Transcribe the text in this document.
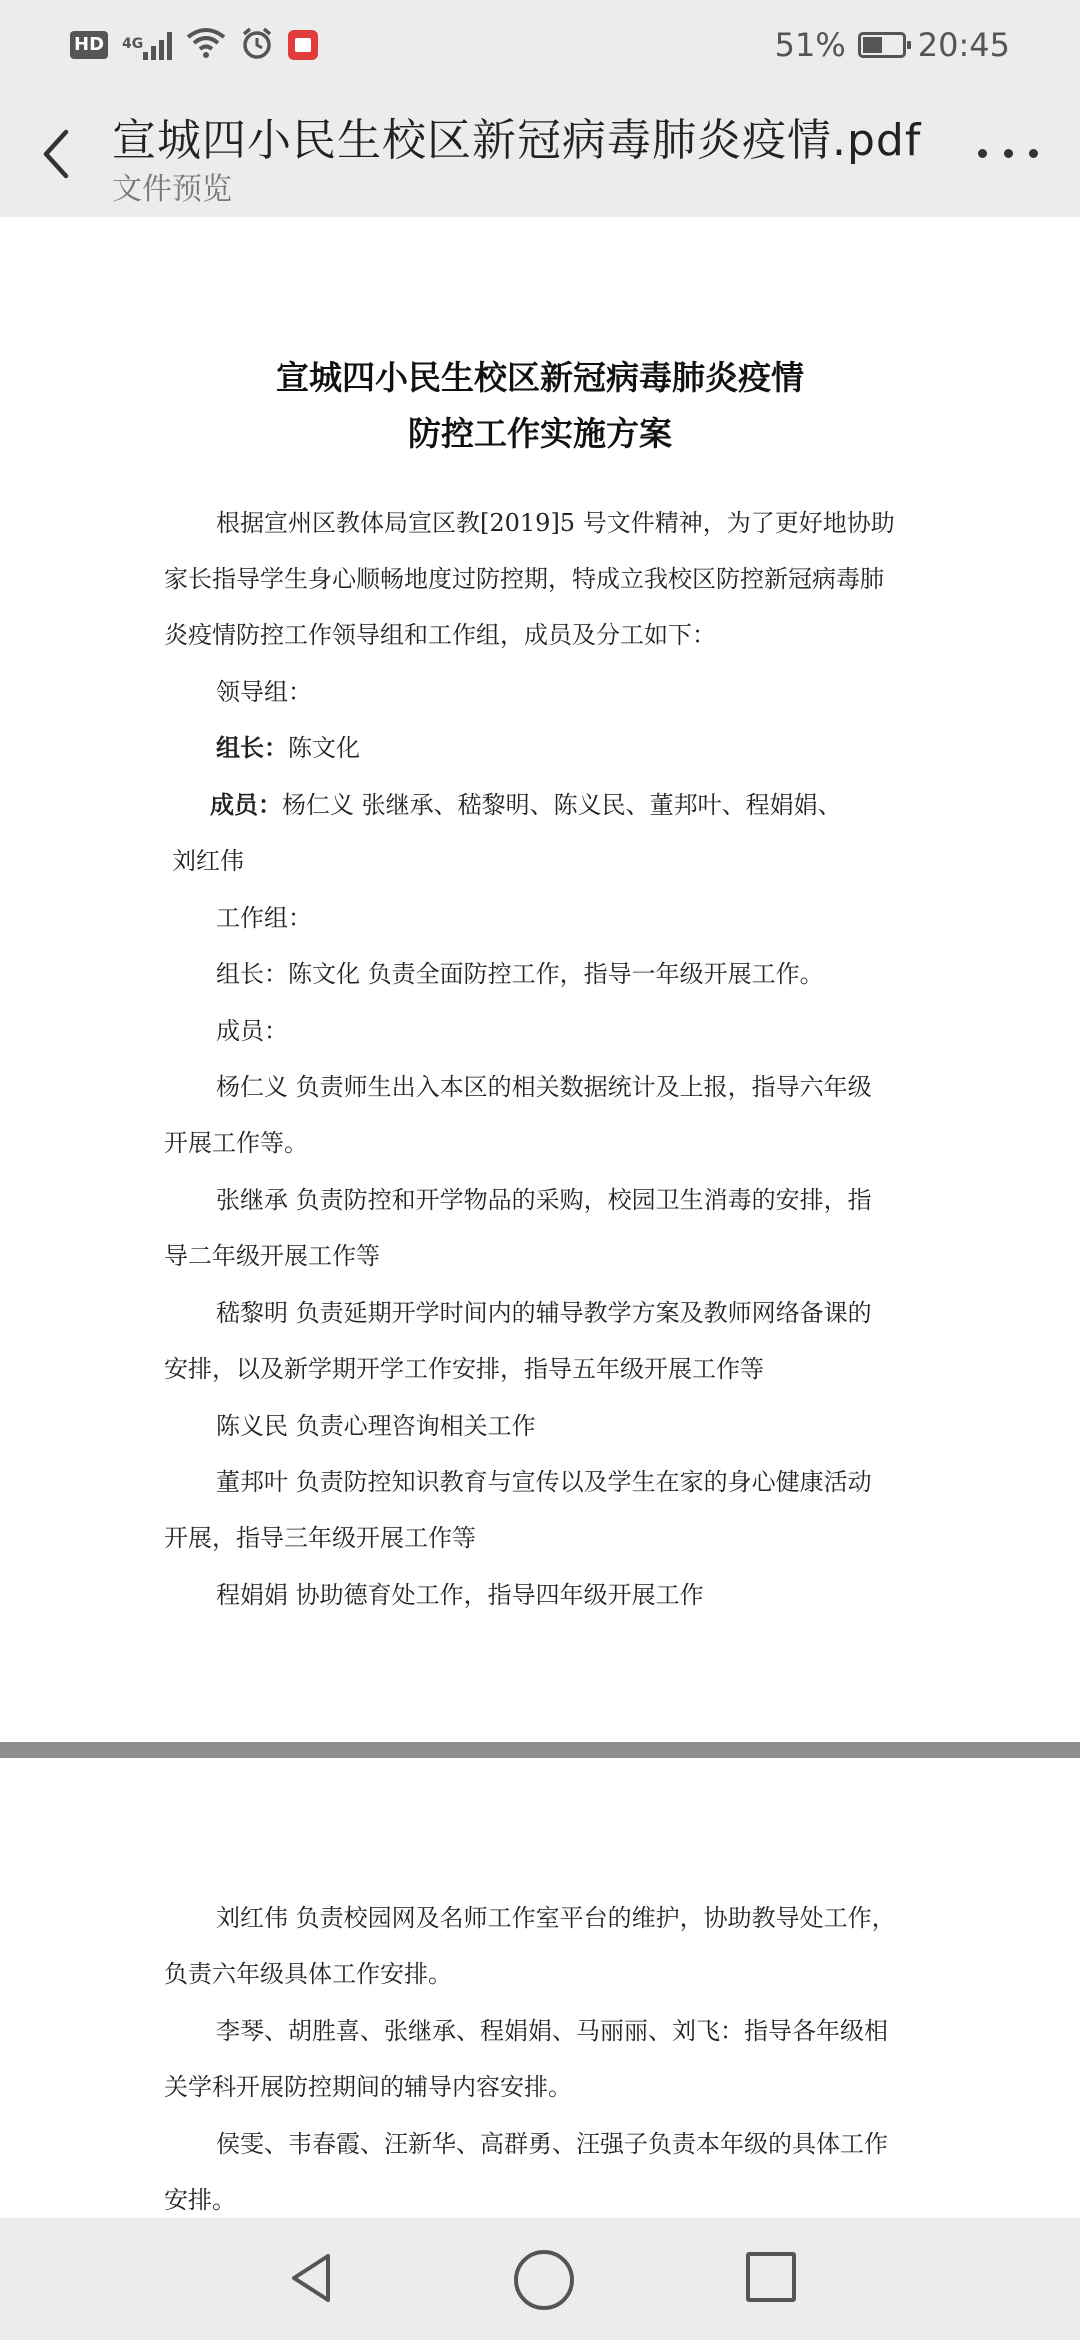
HD 4G	51% 20:45
宣城四小民生校区新冠病毒肺炎疫情.pdf
文件预览
宣城四小民生校区新冠病毒肺炎疫情
防控工作实施方案
根据宣州区教体局宣区教[2019]5 号文件精神，为了更好地协助
家长指导学生身心顺畅地度过防控期，特成立我校区防控新冠病毒肺
炎疫情防控工作领导组和工作组，成员及分工如下：
领导组：
组长：陈文化
成员：杨仁义 张继承、嵇黎明、陈义民、董邦叶、程娟娟、
刘红伟
工作组：
组长：陈文化 负责全面防控工作，指导一年级开展工作。
成员：
杨仁义 负责师生出入本区的相关数据统计及上报，指导六年级
开展工作等。
张继承 负责防控和开学物品的采购，校园卫生消毒的安排，指
导二年级开展工作等
嵇黎明 负责延期开学时间内的辅导教学方案及教师网络备课的
安排，以及新学期开学工作安排，指导五年级开展工作等
陈义民 负责心理咨询相关工作
董邦叶 负责防控知识教育与宣传以及学生在家的身心健康活动
开展，指导三年级开展工作等
程娟娟 协助德育处工作，指导四年级开展工作
刘红伟 负责校园网及名师工作室平台的维护，协助教导处工作，
负责六年级具体工作安排。
李琴、胡胜喜、张继承、程娟娟、马丽丽、刘飞：指导各年级相
关学科开展防控期间的辅导内容安排。
侯雯、韦春霞、汪新华、高群勇、汪强子负责本年级的具体工作
安排。
